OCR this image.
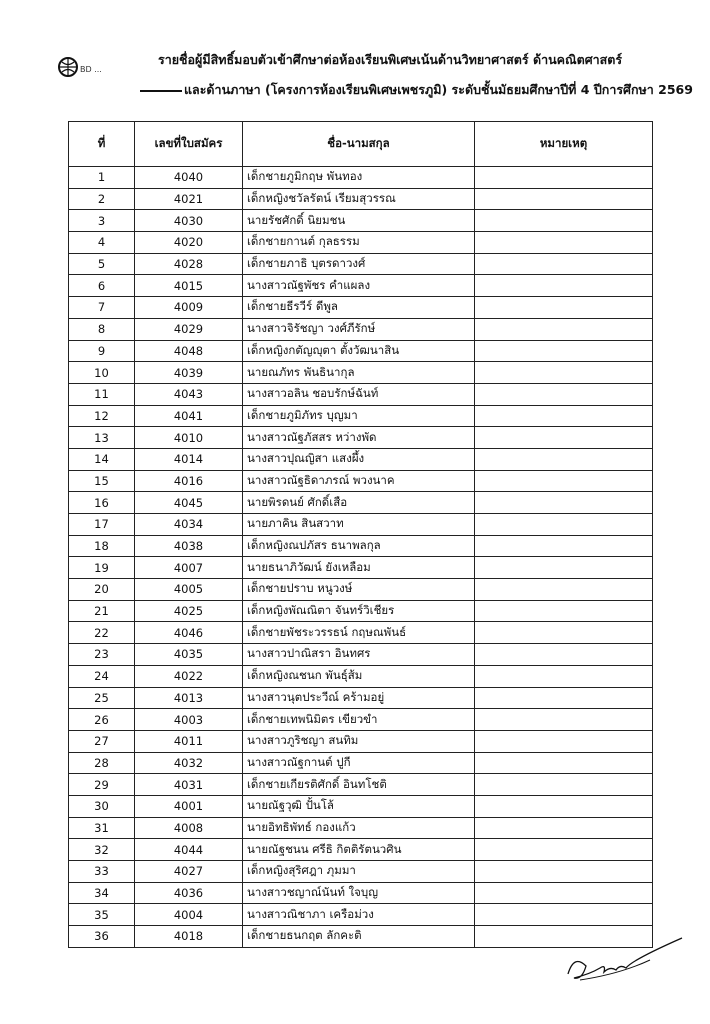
BD ...
รายชื่อผู้มีสิทธิ์มอบตัวเข้าศึกษาต่อห้องเรียนพิเศษเน้นด้านวิทยาศาสตร์ ด้านคณิตศาสตร์
และด้านภาษา (โครงการห้องเรียนพิเศษเพชรภูมิ) ระดับชั้นมัธยมศึกษาปีที่ 4 ปีการศึกษา 2569
ที่	เลขที่ใบสมัคร	ชื่อ-นามสกุล	หมายเหตุ
1	4040	เด็กชายภูมิกฤษ พันทอง	
2	4021	เด็กหญิงชวัลรัตน์ เรียมสุวรรณ	
3	4030	นายรัชศักดิ์ นิยมชน	
4	4020	เด็กชายกานต์ กุลธรรม	
5	4028	เด็กชายภาธิ บุตรดาวงศ์	
6	4015	นางสาวณัฐพัชร คำแผลง	
7	4009	เด็กชายธีรวีร์ ดีพูล	
8	4029	นางสาวจิรัชญา วงศ์ภีรักษ์	
9	4048	เด็กหญิงกตัญญุตา ตั้งวัฒนาสิน	
10	4039	นายณภัทร พันธินากุล	
11	4043	นางสาวอลิน ชอบรักษ์ฉันท์	
12	4041	เด็กชายภูมิภัทร บุญมา	
13	4010	นางสาวณัฐภัสสร หว่างพัด	
14	4014	นางสาวปุณญิสา แสงผึ้ง	
15	4016	นางสาวณัฐธิดาภรณ์ พวงนาค	
16	4045	นายพิรดนย์ ศักดิ์เสือ	
17	4034	นายภาคิน สินสวาท	
18	4038	เด็กหญิงณปภัสร ธนาพลกุล	
19	4007	นายธนาภิวัฒน์ ยังเหลือม	
20	4005	เด็กชายปราบ หนูวงษ์	
21	4025	เด็กหญิงพัณณิตา จันทร์วิเชียร	
22	4046	เด็กชายพัชระวรรธน์ กฤษณพันธ์	
23	4035	นางสาวปาณิสรา อินทศร	
24	4022	เด็กหญิงณชนก พันธุ์ส้ม	
25	4013	นางสาวนุตประวีณ์ คร้ามอยู่	
26	4003	เด็กชายเทพนิมิตร เขียวขำ	
27	4011	นางสาวภูริชญา สนทิม	
28	4032	นางสาวณัฐกานต์ ปูกี	
29	4031	เด็กชายเกียรติศักดิ์ อินทโชติ	
30	4001	นายณัฐวุฒิ ปั้นโล้	
31	4008	นายอิทธิพัทธ์ กองแก้ว	
32	4044	นายณัฐชนน ศรีธิ กิตติรัตนวศิน	
33	4027	เด็กหญิงสุริศฎา ภุมมา	
34	4036	นางสาวชญาณ์นันท์ ใจบุญ	
35	4004	นางสาวณิชาภา เครือม่วง	
36	4018	เด็กชายธนกฤต ลักคะติ	
